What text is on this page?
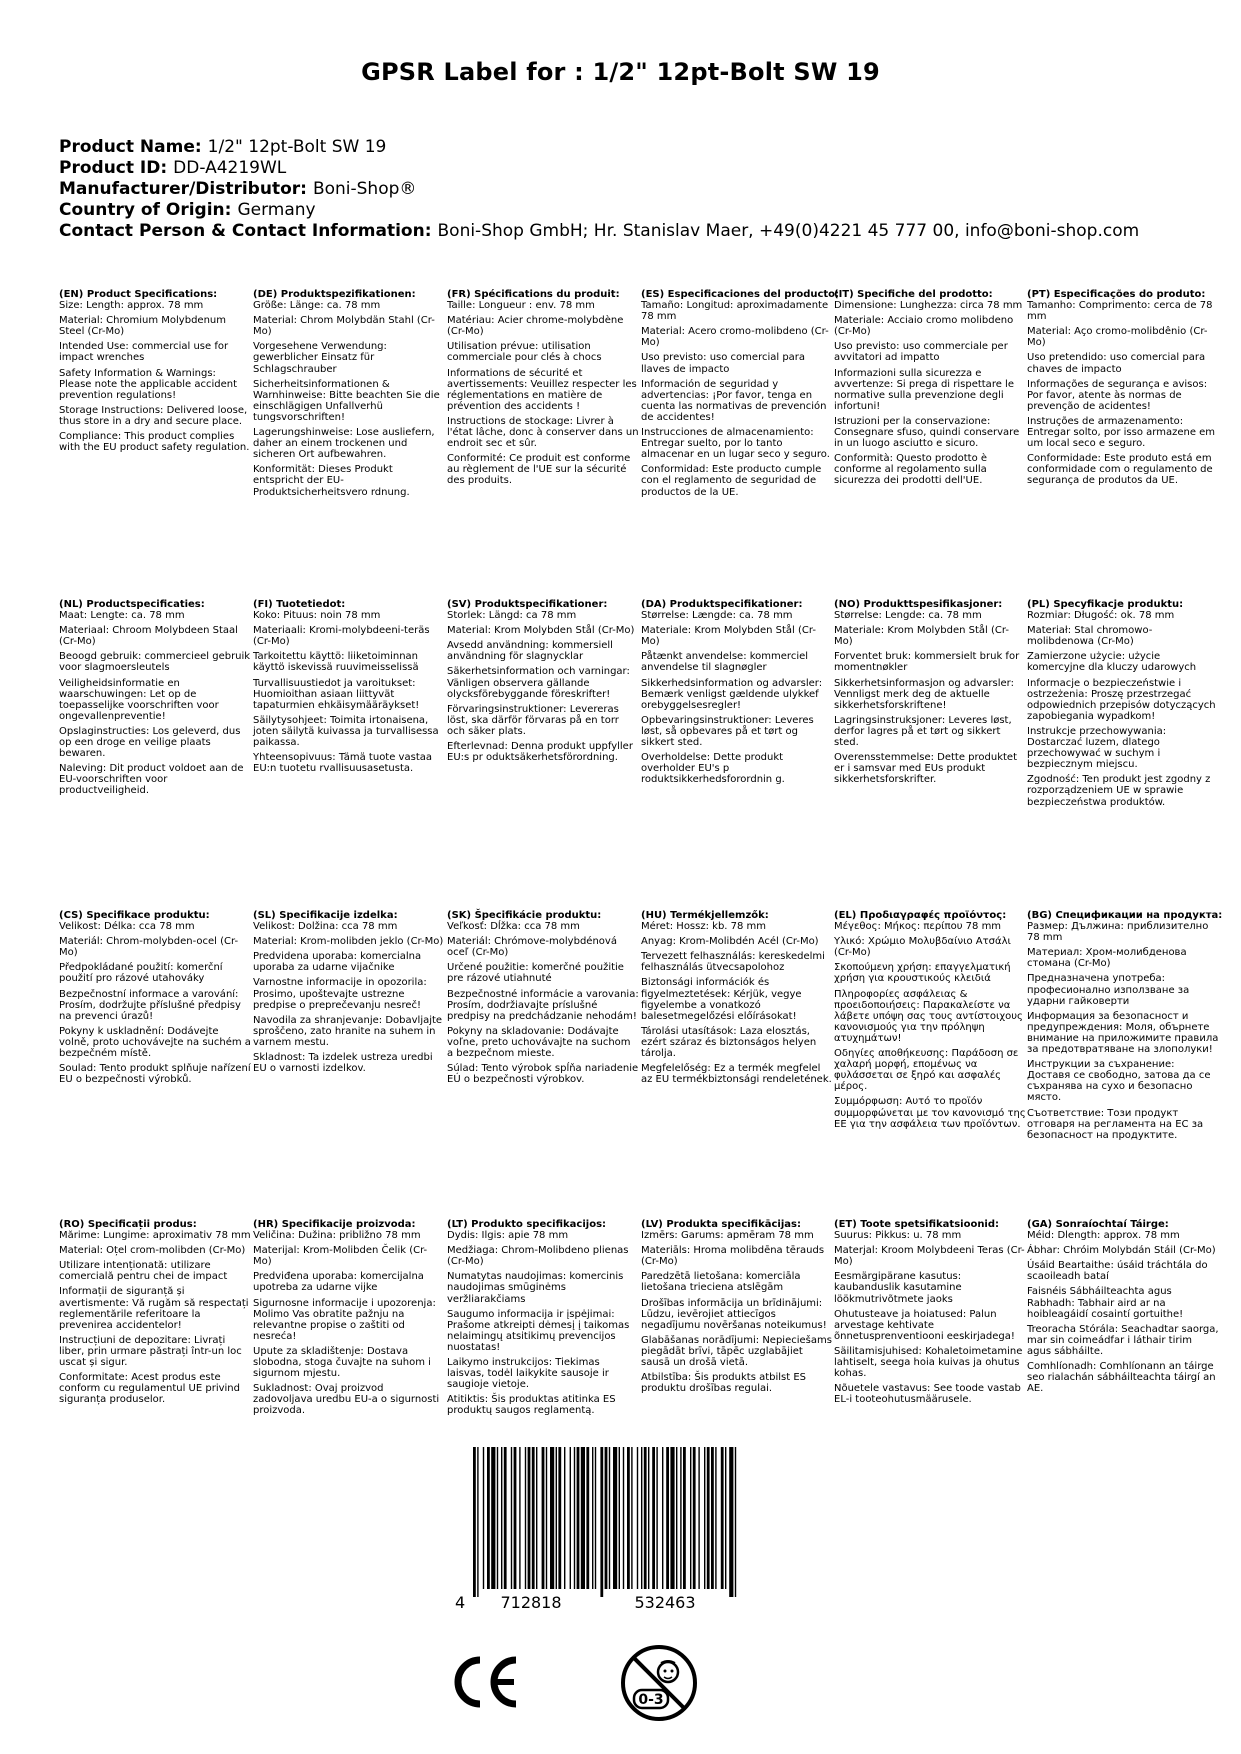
GPSR Label for : 1/2" 12pt-Bolt SW 19
Product Name: 1/2" 12pt-Bolt SW 19
Product ID: DD-A4219WL
Manufacturer/Distributor: Boni-Shop®
Country of Origin: Germany
Contact Person & Contact Information: Boni-Shop GmbH; Hr. Stanislav Maer, +49(0)4221 45 777 00, info@boni-shop.com
(EN) Product Specifications:
Size: Length: approx. 78 mm
Material: Chromium Molybdenum Steel (Cr-Mo)
Intended Use: commercial use for impact wrenches
Safety Information & Warnings: Please note the applicable accident prevention regulations!
Storage Instructions: Delivered loose, thus store in a dry and secure place.
Compliance: This product complies with the EU product safety regulation.
(DE) Produktspezifikationen:
Größe: Länge: ca. 78 mm
Material: Chrom Molybdän Stahl (Cr-Mo)
Vorgesehene Verwendung: gewerblicher Einsatz für Schlagschrauber
Sicherheitsinformationen & Warnhinweise: Bitte beachten Sie die einschlägigen Unfallverhü tungsvorschriften!
Lagerungshinweise: Lose ausliefern, daher an einem trockenen und sicheren Ort aufbewahren.
Konformität: Dieses Produkt entspricht der EU-Produktsicherheitsvero rdnung.
(FR) Spécifications du produit:
Taille: Longueur : env. 78 mm
Matériau: Acier chrome-molybdène (Cr-Mo)
Utilisation prévue: utilisation commerciale pour clés à chocs
Informations de sécurité et avertissements: Veuillez respecter les réglementations en matière de prévention des accidents !
Instructions de stockage: Livrer à l'état lâche, donc à conserver dans un endroit sec et sûr.
Conformité: Ce produit est conforme au règlement de l'UE sur la sécurité des produits.
(ES) Especificaciones del producto:
Tamaño: Longitud: aproximadamente 78 mm
Material: Acero cromo-molibdeno (Cr-Mo)
Uso previsto: uso comercial para llaves de impacto
Información de seguridad y advertencias: ¡Por favor, tenga en cuenta las normativas de prevención de accidentes!
Instrucciones de almacenamiento: Entregar suelto, por lo tanto almacenar en un lugar seco y seguro.
Conformidad: Este producto cumple con el reglamento de seguridad de productos de la UE.
(IT) Specifiche del prodotto:
Dimensione: Lunghezza: circa 78 mm
Materiale: Acciaio cromo molibdeno (Cr-Mo)
Uso previsto: uso commerciale per avvitatori ad impatto
Informazioni sulla sicurezza e avvertenze: Si prega di rispettare le normative sulla prevenzione degli infortuni!
Istruzioni per la conservazione: Consegnare sfuso, quindi conservare in un luogo asciutto e sicuro.
Conformità: Questo prodotto è conforme al regolamento sulla sicurezza dei prodotti dell'UE.
(PT) Especificações do produto:
Tamanho: Comprimento: cerca de 78 mm
Material: Aço cromo-molibdênio (Cr-Mo)
Uso pretendido: uso comercial para chaves de impacto
Informações de segurança e avisos: Por favor, atente às normas de prevenção de acidentes!
Instruções de armazenamento: Entregar solto, por isso armazene em um local seco e seguro.
Conformidade: Este produto está em conformidade com o regulamento de segurança de produtos da UE.
(NL) Productspecificaties:
Maat: Lengte: ca. 78 mm
Materiaal: Chroom Molybdeen Staal (Cr-Mo)
Beoogd gebruik: commercieel gebruik voor slagmoersleutels
Veiligheidsinformatie en waarschuwingen: Let op de toepasselijke voorschriften voor ongevallenpreventie!
Opslaginstructies: Los geleverd, dus op een droge en veilige plaats bewaren.
Naleving: Dit product voldoet aan de EU-voorschriften voor productveiligheid.
(FI) Tuotetiedot:
Koko: Pituus: noin 78 mm
Materiaali: Kromi-molybdeeni-teräs (Cr-Mo)
Tarkoitettu käyttö: liiketoiminnan käyttö iskevissä ruuvimeisselissä
Turvallisuustiedot ja varoitukset: Huomioithan asiaan liittyvät tapaturmien ehkäisymääräykset!
Säilytysohjeet: Toimita irtonaisena, joten säilytä kuivassa ja turvallisessa paikassa.
Yhteensopivuus: Tämä tuote vastaa EU:n tuotetu rvallisuusasetusta.
(SV) Produktspecifikationer:
Storlek: Längd: ca 78 mm
Material: Krom Molybden Stål (Cr-Mo)
Avsedd användning: kommersiell användning för slagnycklar
Säkerhetsinformation och varningar: Vänligen observera gällande olycksförebyggande föreskrifter!
Förvaringsinstruktioner: Levereras löst, ska därför förvaras på en torr och säker plats.
Efterlevnad: Denna produkt uppfyller EU:s pr oduktsäkerhetsförordning.
(DA) Produktspecifikationer:
Størrelse: Længde: ca. 78 mm
Materiale: Krom Molybden Stål (Cr-Mo)
Påtænkt anvendelse: kommerciel anvendelse til slagnøgler
Sikkerhedsinformation og advarsler: Bemærk venligst gældende ulykkef orebyggelsesregler!
Opbevaringsinstruktioner: Leveres løst, så opbevares på et tørt og sikkert sted.
Overholdelse: Dette produkt overholder EU's p roduktsikkerhedsforordnin g.
(NO) Produkttspesifikasjoner:
Størrelse: Lengde: ca. 78 mm
Materiale: Krom Molybden Stål (Cr-Mo)
Forventet bruk: kommersielt bruk for momentnøkler
Sikkerhetsinformasjon og advarsler: Vennligst merk deg de aktuelle sikkerhetsforskriftene!
Lagringsinstruksjoner: Leveres løst, derfor lagres på et tørt og sikkert sted.
Overensstemmelse: Dette produktet er i samsvar med EUs produkt sikkerhetsforskrifter.
(PL) Specyfikacje produktu:
Rozmiar: Długość: ok. 78 mm
Materiał: Stal chromowo-molibdenowa (Cr-Mo)
Zamierzone użycie: użycie komercyjne dla kluczy udarowych
Informacje o bezpieczeństwie i ostrzeżenia: Proszę przestrzegać odpowiednich przepisów dotyczących zapobiegania wypadkom!
Instrukcje przechowywania: Dostarczać luzem, dlatego przechowywać w suchym i bezpiecznym miejscu.
Zgodność: Ten produkt jest zgodny z rozporządzeniem UE w sprawie bezpieczeństwa produktów.
(CS) Specifikace produktu:
Velikost: Délka: cca 78 mm
Materiál: Chrom-molybden-ocel (Cr-Mo)
Předpokládané použití: komerční použití pro rázové utahováky
Bezpečnostní informace a varování: Prosím, dodržujte příslušné předpisy na prevenci úrazů!
Pokyny k uskladnění: Dodávejte volně, proto uchovávejte na suchém a bezpečném místě.
Soulad: Tento produkt splňuje nařízení EU o bezpečnosti výrobků.
(SL) Specifikacije izdelka:
Velikost: Dolžina: cca 78 mm
Material: Krom-molibden jeklo (Cr-Mo)
Predvidena uporaba: komercialna uporaba za udarne vijačnike
Varnostne informacije in opozorila: Prosimo, upoštevajte ustrezne predpise o preprečevanju nesreč!
Navodila za shranjevanje: Dobavljajte sproščeno, zato hranite na suhem in varnem mestu.
Skladnost: Ta izdelek ustreza uredbi EU o varnosti izdelkov.
(SK) Špecifikácie produktu:
Veľkosť: Dĺžka: cca 78 mm
Materiál: Chrómove-molybdénová oceľ (Cr-Mo)
Určené použitie: komerčné použitie pre rázové utiahnuté
Bezpečnostné informácie a varovania: Prosím, dodržiavajte príslušné predpisy na predchádzanie nehodám!
Pokyny na skladovanie: Dodávajte voľne, preto uchovávajte na suchom a bezpečnom mieste.
Súlad: Tento výrobok spĺňa nariadenie EÚ o bezpečnosti výrobkov.
(HU) Termékjellemzők:
Méret: Hossz: kb. 78 mm
Anyag: Krom-Molibdén Acél (Cr-Mo)
Tervezett felhasználás: kereskedelmi felhasználás ütvecsapolohoz
Biztonsági információk és figyelmeztetések: Kérjük, vegye figyelembe a vonatkozó balesetmegelőzési előírásokat!
Tárolási utasítások: Laza elosztás, ezért száraz és biztonságos helyen tárolja.
Megfelelőség: Ez a termék megfelel az EU termékbiztonsági rendeletének.
(EL) Προδιαγραφές προϊόντος:
Μέγεθος: Μήκος: περίπου 78 mm
Υλικό: Χρώμιο Μολυβδαίνιο Ατσάλι (Cr-Mo)
Σκοπούμενη χρήση: επαγγελματική χρήση για κρουστικούς κλειδιά
Πληροφορίες ασφάλειας & προειδοποιήσεις: Παρακαλείστε να λάβετε υπόψη σας τους αντίστοιχους κανονισμούς για την πρόληψη ατυχημάτων!
Οδηγίες αποθήκευσης: Παράδοση σε χαλαρή μορφή, επομένως να φυλάσσεται σε ξηρό και ασφαλές μέρος.
Συμμόρφωση: Αυτό το προϊόν συμμορφώνεται με τον κανονισμό της ΕΕ για την ασφάλεια των προϊόντων.
(BG) Спецификации на продукта:
Размер: Дължина: приблизително 78 mm
Материал: Хром-молибденова стомана (Cr-Mo)
Предназначена употреба: професионално използване за ударни гайковерти
Информация за безопасност и предупреждения: Моля, обърнете внимание на приложимите правила за предотвратяване на злополуки!
Инструкции за съхранение: Доставя се свободно, затова да се съхранява на сухо и безопасно място.
Съответствие: Този продукт отговаря на регламента на ЕС за безопасност на продуктите.
(RO) Specificații produs:
Mărime: Lungime: aproximativ 78 mm
Material: Oțel crom-molibden (Cr-Mo)
Utilizare intenționată: utilizare comercială pentru chei de impact
Informații de siguranță și avertismente: Vă rugăm să respectați reglementările referitoare la prevenirea accidentelor!
Instrucțiuni de depozitare: Livrați liber, prin urmare păstrați într-un loc uscat și sigur.
Conformitate: Acest produs este conform cu regulamentul UE privind siguranța produselor.
(HR) Specifikacije proizvoda:
Veličina: Dužina: približno 78 mm
Materijal: Krom-Molibden Čelik (Cr-Mo)
Predviđena uporaba: komercijalna upotreba za udarne vijke
Sigurnosne informacije i upozorenja: Molimo Vas obratite pažnju na relevantne propise o zaštiti od nesreća!
Upute za skladištenje: Dostava slobodna, stoga čuvajte na suhom i sigurnom mjestu.
Sukladnost: Ovaj proizvod zadovoljava uredbu EU-a o sigurnosti proizvoda.
(LT) Produkto specifikacijos:
Dydis: Ilgis: apie 78 mm
Medžiaga: Chrom-Molibdeno plienas (Cr-Mo)
Numatytas naudojimas: komercinis naudojimas smūginėms veržliarakčiams
Saugumo informacija ir įspėjimai: Prašome atkreipti dėmesį į taikomas nelaimingų atsitikimų prevencijos nuostatas!
Laikymo instrukcijos: Tiekimas laisvas, todėl laikykite sausoje ir saugioje vietoje.
Atitiktis: Šis produktas atitinka ES produktų saugos reglamentą.
(LV) Produkta specifikācijas:
Izmērs: Garums: apmēram 78 mm
Materiāls: Hroma molibdēna tērauds (Cr-Mo)
Paredzētā lietošana: komerciāla lietošana trieciena atslēgām
Drošības informācija un brīdinājumi: Lūdzu, ievērojiet attiecīgos negadījumu novēršanas noteikumus!
Glabāšanas norādījumi: Nepieciešams piegādāt brīvi, tāpēc uzglabājiet sausā un drošā vietā.
Atbilstība: Šis produkts atbilst ES produktu drošības regulai.
(ET) Toote spetsifikatsioonid:
Suurus: Pikkus: u. 78 mm
Materjal: Kroom Molybdeeni Teras (Cr-Mo)
Eesmärgipärane kasutus: kaubanduslik kasutamine löökmutrivõtmete jaoks
Ohutusteave ja hoiatused: Palun arvestage kehtivate õnnetusprenventiooni eeskirjadega!
Säilitamisjuhised: Kohaletoimetamine lahtiselt, seega hoia kuivas ja ohutus kohas.
Nõuetele vastavus: See toode vastab EL-i tooteohutusmäärusele.
(GA) Sonraíochtaí Táirge:
Méid: Dlength: approx. 78 mm
Ábhar: Chróim Molybdán Stáil (Cr-Mo)
Úsáid Beartaithe: úsáid tráchtála do scaoileadh bataí
Faisnéis Sábháilteachta agus Rabhadh: Tabhair aird ar na hoibleagáidí cosaintí gortuithe!
Treoracha Stórála: Seachadtar saorga, mar sin coimeádfar i láthair tirim agus sábháilte.
Comhlíonadh: Comhlíonann an táirge seo rialachán sábháilteachta táirgí an AE.
4 712818	532463
0-3
